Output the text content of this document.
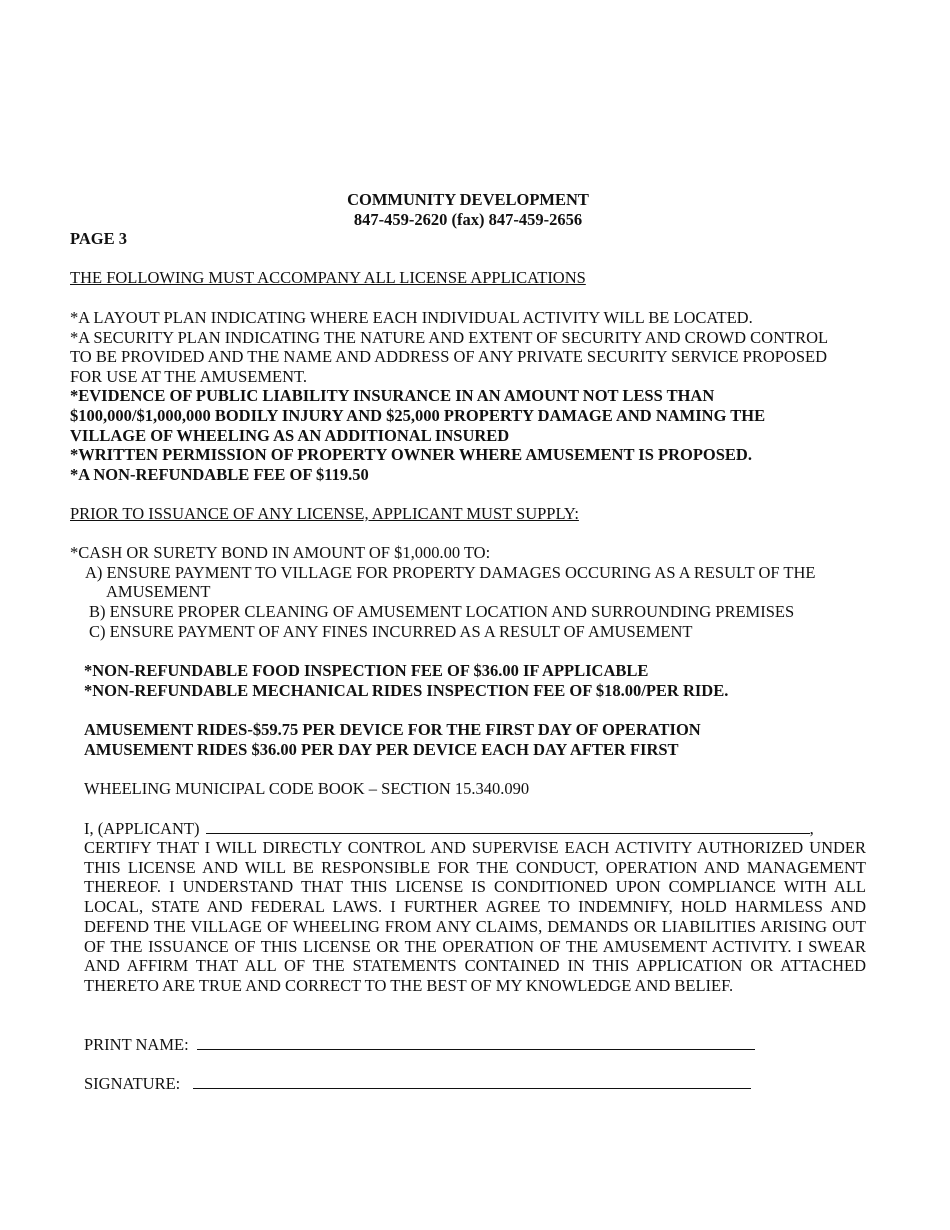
COMMUNITY DEVELOPMENT
847-459-2620 (fax) 847-459-2656
PAGE 3
THE FOLLOWING MUST ACCOMPANY ALL LICENSE APPLICATIONS
*A LAYOUT PLAN INDICATING WHERE EACH INDIVIDUAL ACTIVITY WILL BE LOCATED.
*A SECURITY PLAN INDICATING THE NATURE AND EXTENT OF SECURITY AND CROWD CONTROL
TO BE PROVIDED AND THE NAME AND ADDRESS OF ANY PRIVATE SECURITY SERVICE PROPOSED
FOR USE AT THE AMUSEMENT.
*EVIDENCE OF PUBLIC LIABILITY INSURANCE IN AN AMOUNT NOT LESS THAN
$100,000/$1,000,000 BODILY INJURY AND $25,000 PROPERTY DAMAGE AND NAMING THE
VILLAGE OF WHEELING AS AN ADDITIONAL INSURED
*WRITTEN PERMISSION OF PROPERTY OWNER WHERE AMUSEMENT IS PROPOSED.
*A NON-REFUNDABLE FEE OF $119.50
PRIOR TO ISSUANCE OF ANY LICENSE, APPLICANT MUST SUPPLY:
*CASH OR SURETY BOND IN AMOUNT OF $1,000.00 TO:
A) ENSURE PAYMENT TO VILLAGE FOR PROPERTY DAMAGES OCCURING AS A RESULT OF THE
AMUSEMENT
B) ENSURE PROPER CLEANING OF AMUSEMENT LOCATION AND SURROUNDING PREMISES
C) ENSURE PAYMENT OF ANY FINES INCURRED AS A RESULT OF AMUSEMENT
*NON-REFUNDABLE FOOD INSPECTION FEE OF $36.00 IF APPLICABLE
*NON-REFUNDABLE MECHANICAL RIDES INSPECTION FEE OF $18.00/PER RIDE.
AMUSEMENT RIDES-$59.75 PER DEVICE FOR THE FIRST DAY OF OPERATION
AMUSEMENT RIDES $36.00 PER DAY PER DEVICE EACH DAY AFTER FIRST
WHEELING MUNICIPAL CODE BOOK – SECTION 15.340.090
I, (APPLICANT)	,
CERTIFY THAT I WILL DIRECTLY CONTROL AND SUPERVISE EACH ACTIVITY AUTHORIZED UNDER THIS LICENSE AND WILL BE RESPONSIBLE FOR THE CONDUCT, OPERATION AND MANAGEMENT THEREOF. I UNDERSTAND THAT THIS LICENSE IS CONDITIONED UPON COMPLIANCE WITH ALL LOCAL, STATE AND FEDERAL LAWS. I FURTHER AGREE TO INDEMNIFY, HOLD HARMLESS AND DEFEND THE VILLAGE OF WHEELING FROM ANY CLAIMS, DEMANDS OR LIABILITIES ARISING OUT OF THE ISSUANCE OF THIS LICENSE OR THE OPERATION OF THE AMUSEMENT ACTIVITY. I SWEAR AND AFFIRM THAT ALL OF THE STATEMENTS CONTAINED IN THIS APPLICATION OR ATTACHED THERETO ARE TRUE AND CORRECT TO THE BEST OF MY KNOWLEDGE AND BELIEF.
PRINT NAME:
SIGNATURE:
